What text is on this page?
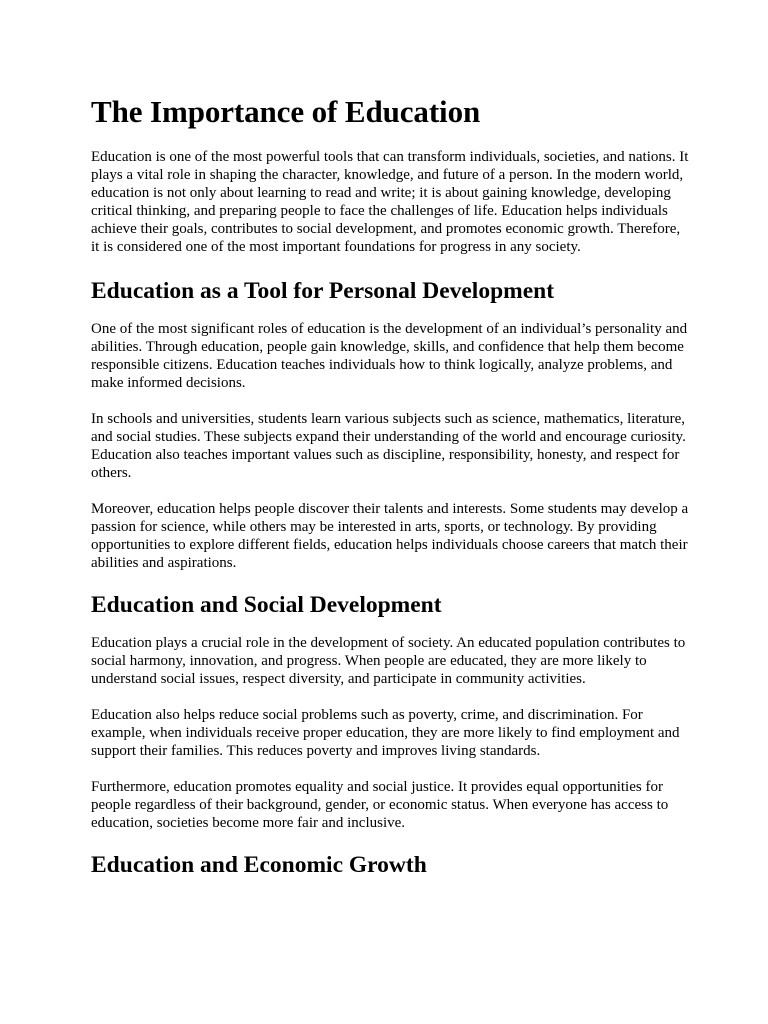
The Importance of Education

Education is one of the most powerful tools that can transform individuals, societies, and nations. It plays a vital role in shaping the character, knowledge, and future of a person. In the modern world, education is not only about learning to read and write; it is about gaining knowledge, developing critical thinking, and preparing people to face the challenges of life. Education helps individuals achieve their goals, contributes to social development, and promotes economic growth. Therefore, it is considered one of the most important foundations for progress in any society.

Education as a Tool for Personal Development

One of the most significant roles of education is the development of an individual’s personality and abilities. Through education, people gain knowledge, skills, and confidence that help them become responsible citizens. Education teaches individuals how to think logically, analyze problems, and make informed decisions.

In schools and universities, students learn various subjects such as science, mathematics, literature, and social studies. These subjects expand their understanding of the world and encourage curiosity. Education also teaches important values such as discipline, responsibility, honesty, and respect for others.

Moreover, education helps people discover their talents and interests. Some students may develop a passion for science, while others may be interested in arts, sports, or technology. By providing opportunities to explore different fields, education helps individuals choose careers that match their abilities and aspirations.

Education and Social Development

Education plays a crucial role in the development of society. An educated population contributes to social harmony, innovation, and progress. When people are educated, they are more likely to understand social issues, respect diversity, and participate in community activities.

Education also helps reduce social problems such as poverty, crime, and discrimination. For example, when individuals receive proper education, they are more likely to find employment and support their families. This reduces poverty and improves living standards.

Furthermore, education promotes equality and social justice. It provides equal opportunities for people regardless of their background, gender, or economic status. When everyone has access to education, societies become more fair and inclusive.

Education and Economic Growth
